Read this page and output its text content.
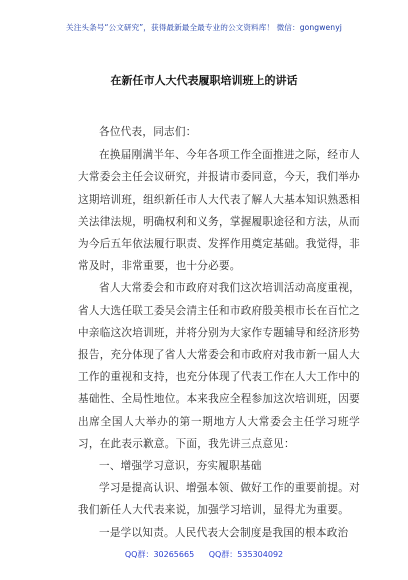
关注头条号“公文研究”，获得最新最全最专业的公文资料库！ 微信：gongwenyj
在新任市人大代表履职培训班上的讲话

各位代表，同志们：

在换届刚满半年、今年各项工作全面推进之际，经市人大常委会主任会议研究，并报请市委同意，今天，我们举办这期培训班，组织新任市人大代表了解人大基本知识熟悉相关法律法规，明确权利和义务，掌握履职途径和方法，从而为今后五年依法履行职责、发挥作用奠定基础。我觉得，非常及时，非常重要，也十分必要。

省人大常委会和市政府对我们这次培训活动高度重视，省人大选任联工委吴会清主任和市政府殷美根市长在百忙之中亲临这次培训班，并将分别为大家作专题辅导和经济形势报告，充分体现了省人大常委会和市政府对我市新一届人大工作的重视和支持，也充分体现了代表工作在人大工作中的基础性、全局性地位。本来我应全程参加这次培训班，因要出席全国人大举办的第一期地方人大常委会主任学习班学习，在此表示歉意。下面，我先讲三点意见：

一、增强学习意识，夯实履职基础

学习是提高认识、增强本领、做好工作的重要前提。对我们新任人大代表来说，加强学习培训，显得尤为重要。

一是学以知责。人民代表大会制度是我国的根本政治

QQ群：30265665 QQ群：535304092
